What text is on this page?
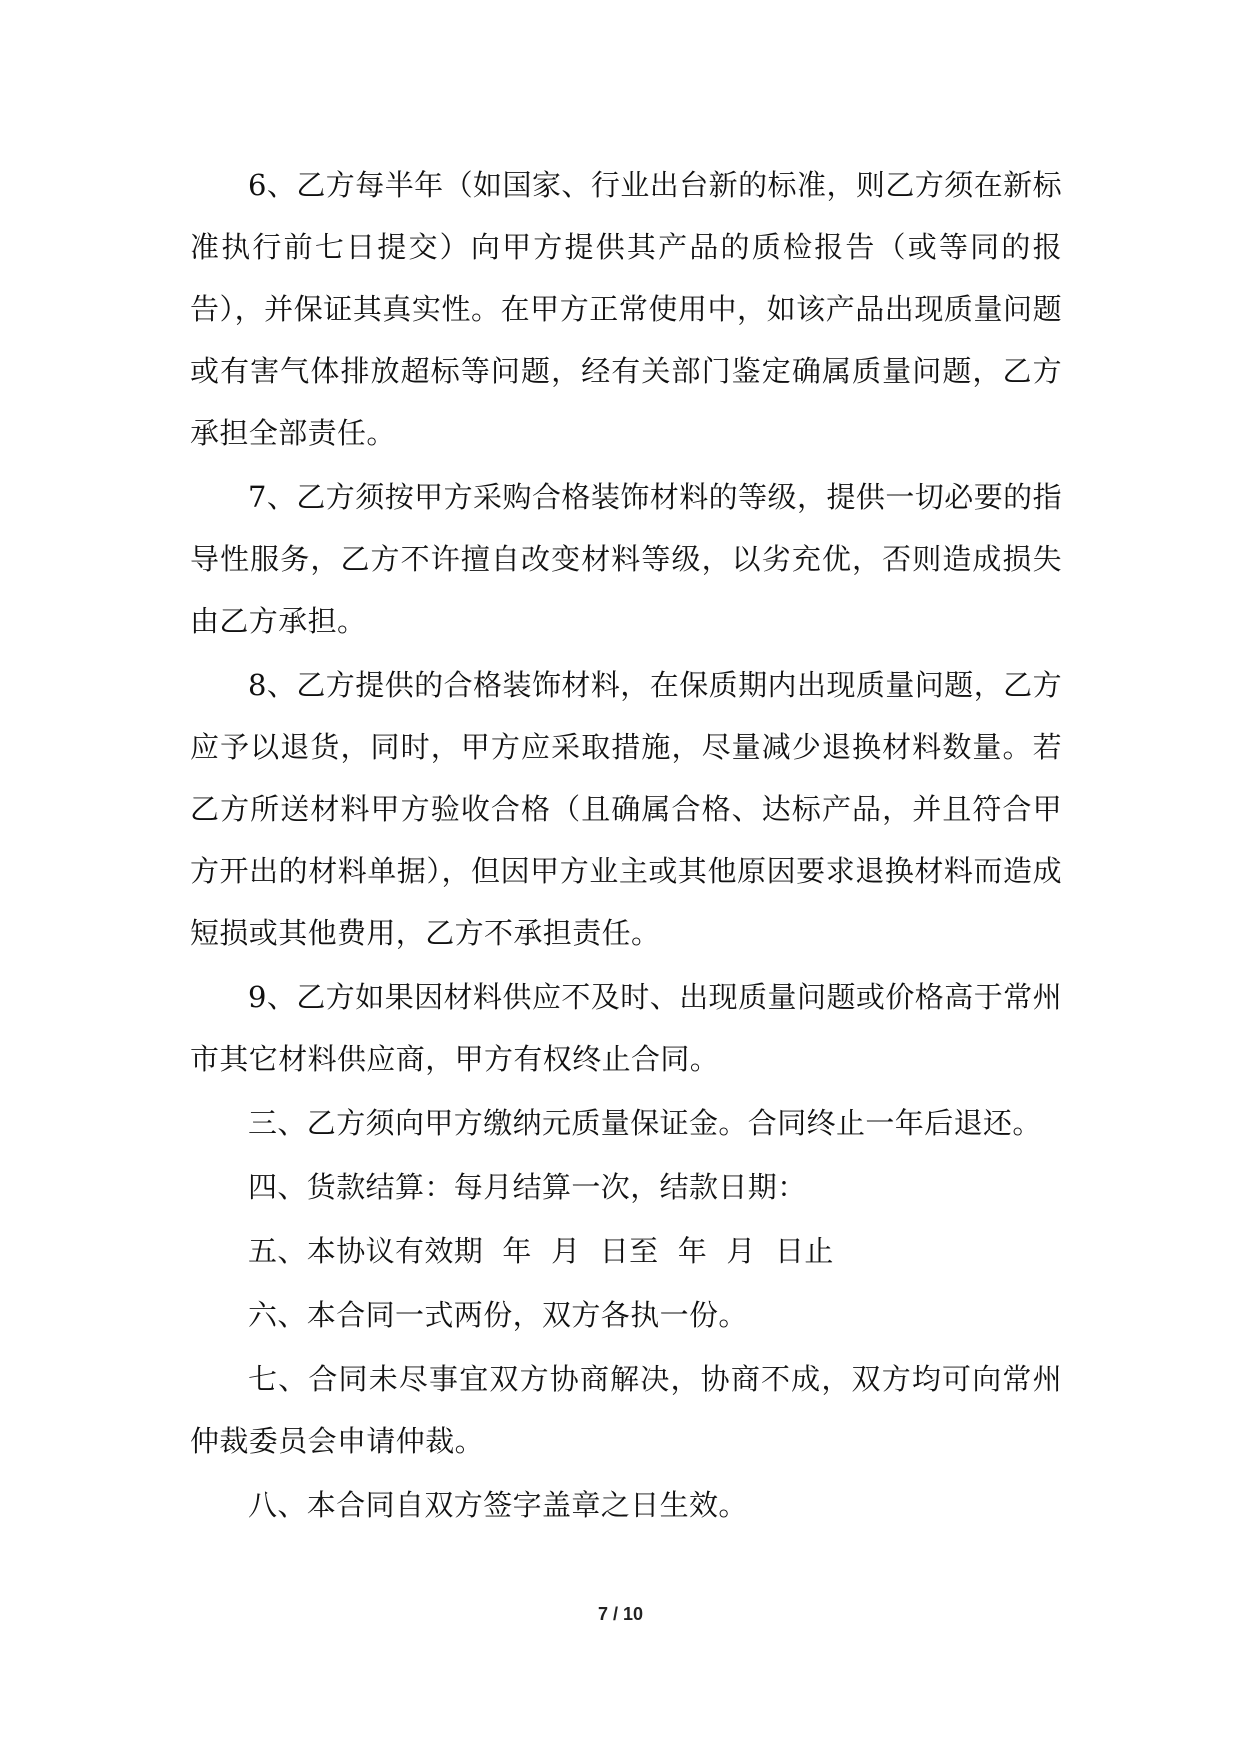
6、乙方每半年（如国家、行业出台新的标准，则乙方须在新标准执行前七日提交）向甲方提供其产品的质检报告（或等同的报告），并保证其真实性。在甲方正常使用中，如该产品出现质量问题或有害气体排放超标等问题，经有关部门鉴定确属质量问题，乙方承担全部责任。

7、乙方须按甲方采购合格装饰材料的等级，提供一切必要的指导性服务，乙方不许擅自改变材料等级，以劣充优，否则造成损失由乙方承担。

8、乙方提供的合格装饰材料，在保质期内出现质量问题，乙方应予以退货，同时，甲方应采取措施，尽量减少退换材料数量。若乙方所送材料甲方验收合格（且确属合格、达标产品，并且符合甲方开出的材料单据），但因甲方业主或其他原因要求退换材料而造成短损或其他费用，乙方不承担责任。

9、乙方如果因材料供应不及时、出现质量问题或价格高于常州市其它材料供应商，甲方有权终止合同。

三、乙方须向甲方缴纳元质量保证金。合同终止一年后退还。

四、货款结算：每月结算一次，结款日期：

五、本协议有效期  年  月  日至  年  月  日止

六、本合同一式两份，双方各执一份。

七、合同未尽事宜双方协商解决，协商不成，双方均可向常州仲裁委员会申请仲裁。

八、本合同自双方签字盖章之日生效。

7 / 10
